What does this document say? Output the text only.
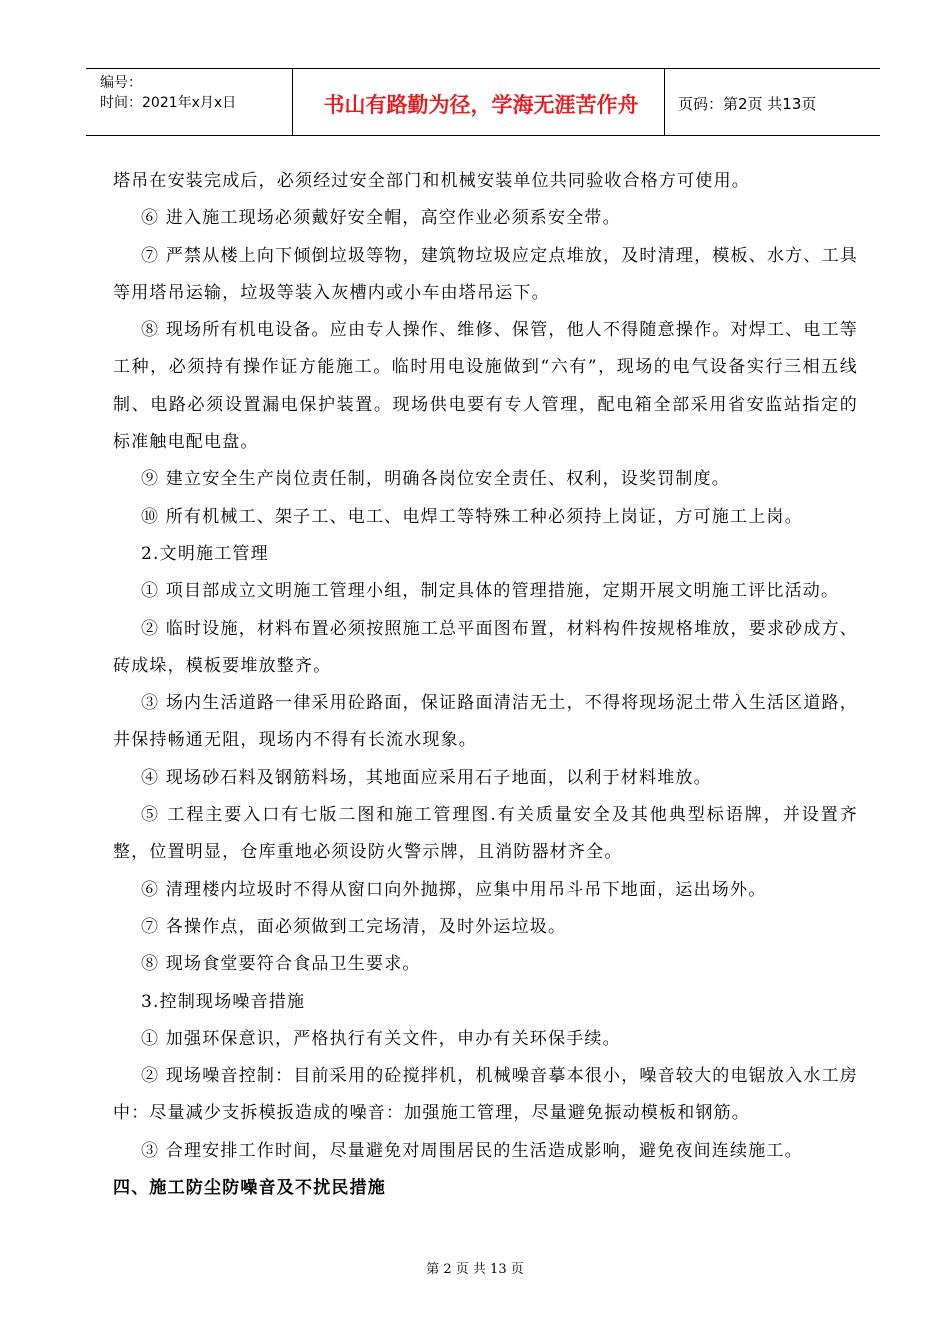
编号：
时间：2021年x月x日	书山有路勤为径，学海无涯苦作舟	页码：第2页 共13页

塔吊在安装完成后，必须经过安全部门和机械安装单位共同验收合格方可使用。

⑥ 进入施工现场必须戴好安全帽，高空作业必须系安全带。

⑦ 严禁从楼上向下倾倒垃圾等物，建筑物垃圾应定点堆放，及时清理，模板、水方、工具等用塔吊运输，垃圾等装入灰槽内或小车由塔吊运下。

⑧ 现场所有机电设备。应由专人操作、维修、保管，他人不得随意操作。对焊工、电工等工种，必须持有操作证方能施工。临时用电设施做到“六有”，现场的电气设备实行三相五线制、电路必须设置漏电保护装置。现场供电要有专人管理，配电箱全部采用省安监站指定的标准触电配电盘。

⑨ 建立安全生产岗位责任制，明确各岗位安全责任、权利，设奖罚制度。

⑩ 所有机械工、架子工、电工、电焊工等特殊工种必须持上岗证，方可施工上岗。

2.文明施工管理

① 项目部成立文明施工管理小组，制定具体的管理措施，定期开展文明施工评比活动。

② 临时设施，材料布置必须按照施工总平面图布置，材料构件按规格堆放，要求砂成方、砖成垛，模板要堆放整齐。

③ 场内生活道路一律采用砼路面，保证路面清洁无土，不得将现场泥土带入生活区道路，井保持畅通无阻，现场内不得有长流水现象。

④ 现场砂石料及钢筋料场，其地面应采用石子地面，以利于材料堆放。

⑤ 工程主要入口有七版二图和施工管理图.有关质量安全及其他典型标语牌，并设置齐整，位置明显，仓库重地必须设防火警示牌，且消防器材齐全。

⑥ 清理楼内垃圾时不得从窗口向外抛掷，应集中用吊斗吊下地面，运出场外。

⑦ 各操作点，面必须做到工完场清，及时外运垃圾。

⑧ 现场食堂要符合食品卫生要求。

3.控制现场噪音措施

① 加强环保意识，严格执行有关文件，申办有关环保手续。

② 现场噪音控制：目前采用的砼搅拌机，机械噪音摹本很小，噪音较大的电锯放入水工房中：尽量减少支拆模扳造成的噪音：加强施工管理，尽量避免振动模板和钢筋。

③ 合理安排工作时间，尽量避免对周围居民的生活造成影响，避免夜间连续施工。

四、施工防尘防噪音及不扰民措施

第 2 页 共 13 页
